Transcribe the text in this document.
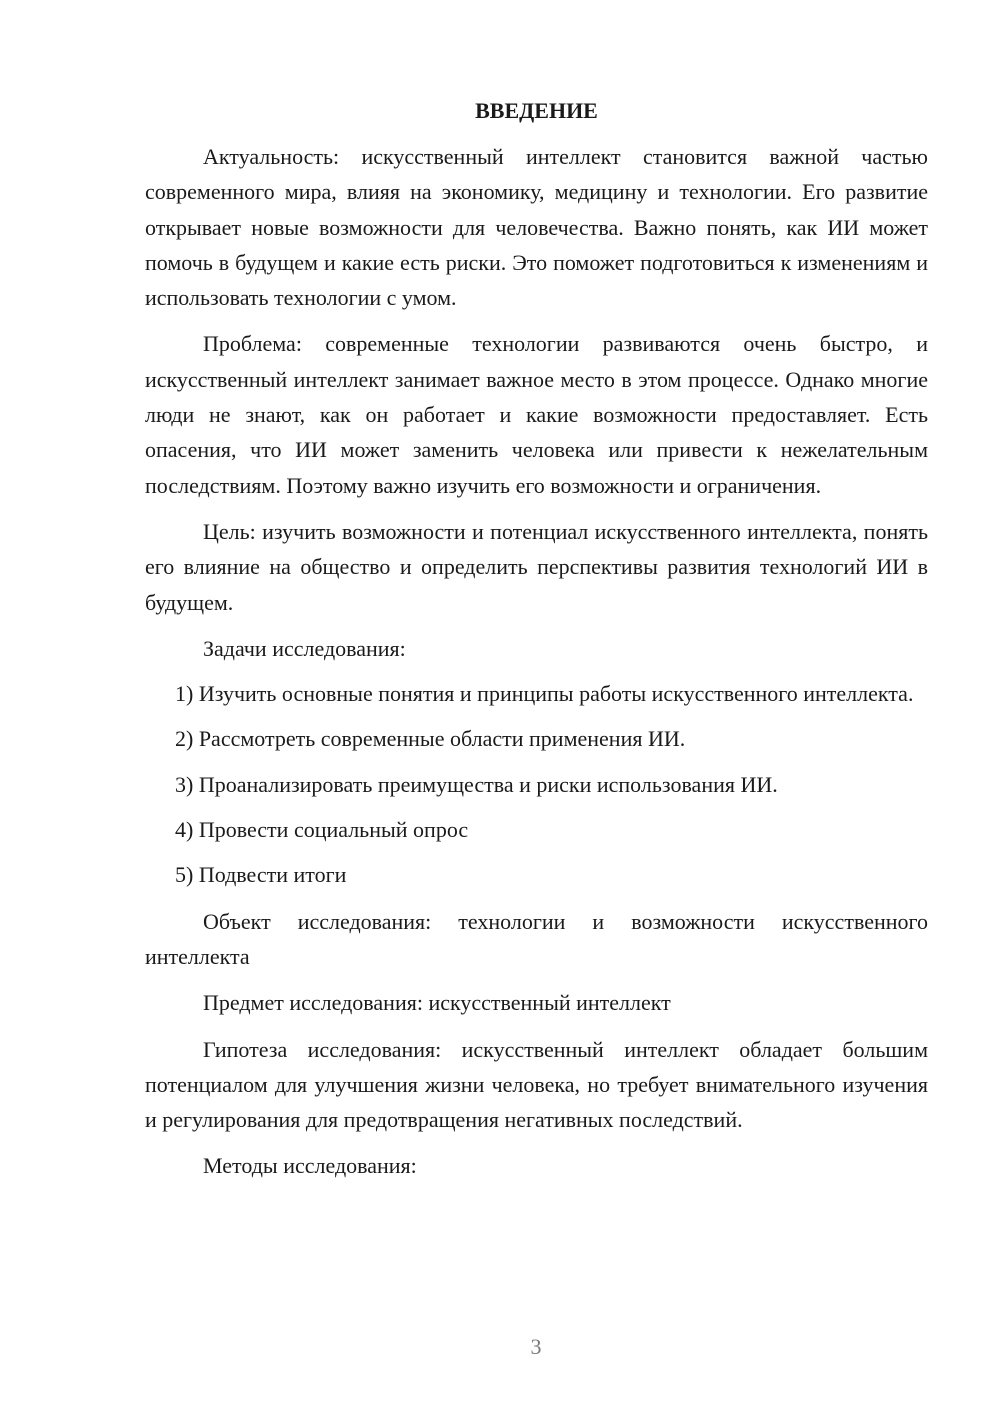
ВВЕДЕНИЕ

Актуальность: искусственный интеллект становится важной частью современного мира, влияя на экономику, медицину и технологии. Его развитие открывает новые возможности для человечества. Важно понять, как ИИ может помочь в будущем и какие есть риски. Это поможет подготовиться к изменениям и использовать технологии с умом.

Проблема: современные технологии развиваются очень быстро, и искусственный интеллект занимает важное место в этом процессе. Однако многие люди не знают, как он работает и какие возможности предоставляет. Есть опасения, что ИИ может заменить человека или привести к нежелательным последствиям. Поэтому важно изучить его возможности и ограничения.

Цель: изучить возможности и потенциал искусственного интеллекта, понять его влияние на общество и определить перспективы развития технологий ИИ в будущем.

Задачи исследования:

1) Изучить основные понятия и принципы работы искусственного интеллекта.

2) Рассмотреть современные области применения ИИ.

3) Проанализировать преимущества и риски использования ИИ.

4) Провести социальный опрос

5) Подвести итоги

Объект исследования: технологии и возможности искусственного интеллекта

Предмет исследования: искусственный интеллект

Гипотеза исследования: искусственный интеллект обладает большим потенциалом для улучшения жизни человека, но требует внимательного изучения и регулирования для предотвращения негативных последствий.

Методы исследования:

3
